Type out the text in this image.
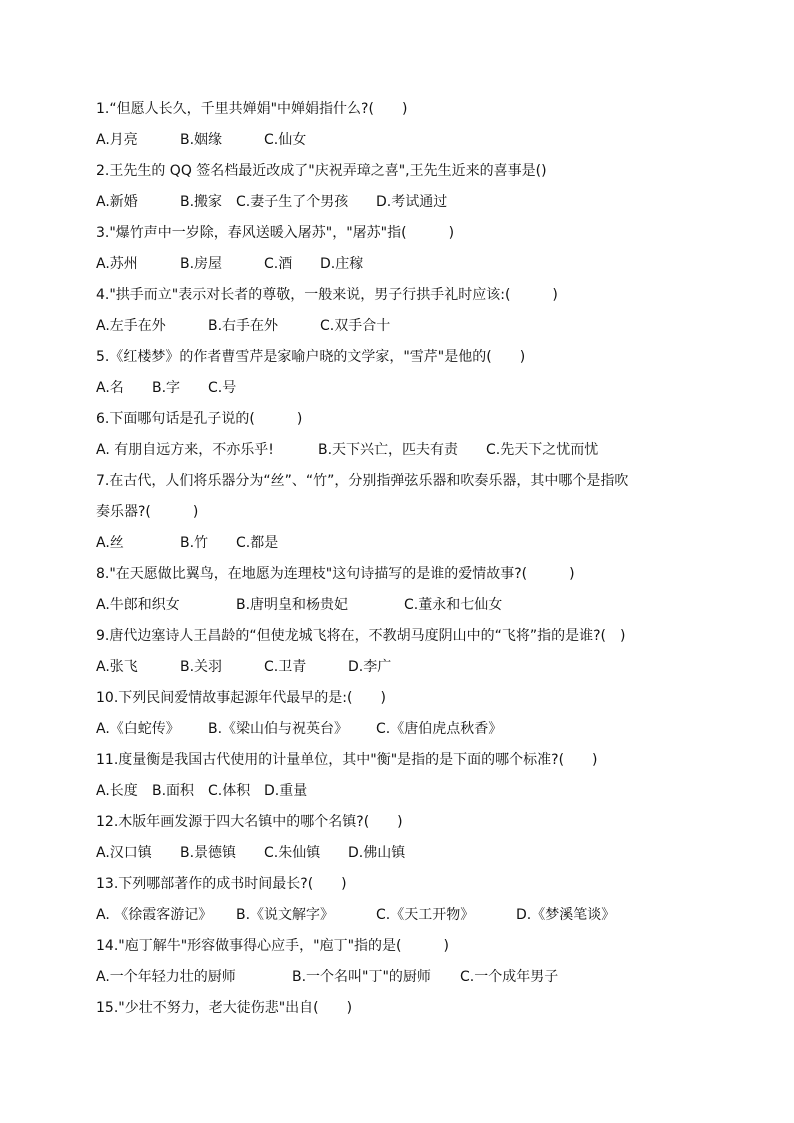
1.“但愿人长久，千里共婵娟"中婵娟指什么?(　　)
A.月亮	B.姻缘	C.仙女
2.王先生的 QQ 签名档最近改成了"庆祝弄璋之喜",王先生近来的喜事是()
A.新婚	B.搬家 C.妻子生了个男孩	D.考试通过
3."爆竹声中一岁除，春风送暖入屠苏"，"屠苏"指(　　　)
A.苏州	B.房屋	C.酒	D.庄稼
4."拱手而立"表示对长者的尊敬，一般来说，男子行拱手礼时应该:(　　　)
A.左手在外	B.右手在外	C.双手合十
5.《红楼梦》的作者曹雪芹是家喻户晓的文学家，"雪芹"是他的(　　)
A.名	B.字	C.号
6.下面哪句话是孔子说的(　　　)
A. 有朋自远方来，不亦乐乎!	B.天下兴亡，匹夫有责	C.先天下之忧而忧
7.在古代，人们将乐器分为“丝”、“竹”，分别指弹弦乐器和吹奏乐器，其中哪个是指吹
奏乐器?(　　　)
A.丝	B.竹	C.都是
8."在天愿做比翼鸟，在地愿为连理枝"这句诗描写的是谁的爱情故事?(　　　)
A.牛郎和织女	B.唐明皇和杨贵妃	C.董永和七仙女
9.唐代边塞诗人王昌龄的“但使龙城飞将在，不教胡马度阴山中的“飞将”指的是谁?(　)
A.张飞	B.关羽	C.卫青	D.李广
10.下列民间爱情故事起源年代最早的是:(　　)
A.《白蛇传》	B.《梁山伯与祝英台》	C.《唐伯虎点秋香》
11.度量衡是我国古代使用的计量单位，其中"衡"是指的是下面的哪个标准?(　　)
A.长度	B.面积 C.体积 D.重量
12.木版年画发源于四大名镇中的哪个名镇?(　　)
A.汉口镇	B.景德镇	C.朱仙镇	D.佛山镇
13.下列哪部著作的成书时间最长?(　　)
A. 《徐霞客游记》	B.《说文解字》	C.《天工开物》	D.《梦溪笔谈》
14."庖丁解牛"形容做事得心应手，"庖丁"指的是(　　　)
A.一个年轻力壮的厨师	B.一个名叫"丁"的厨师	C.一个成年男子
15."少壮不努力，老大徒伤悲"出自(　　)
